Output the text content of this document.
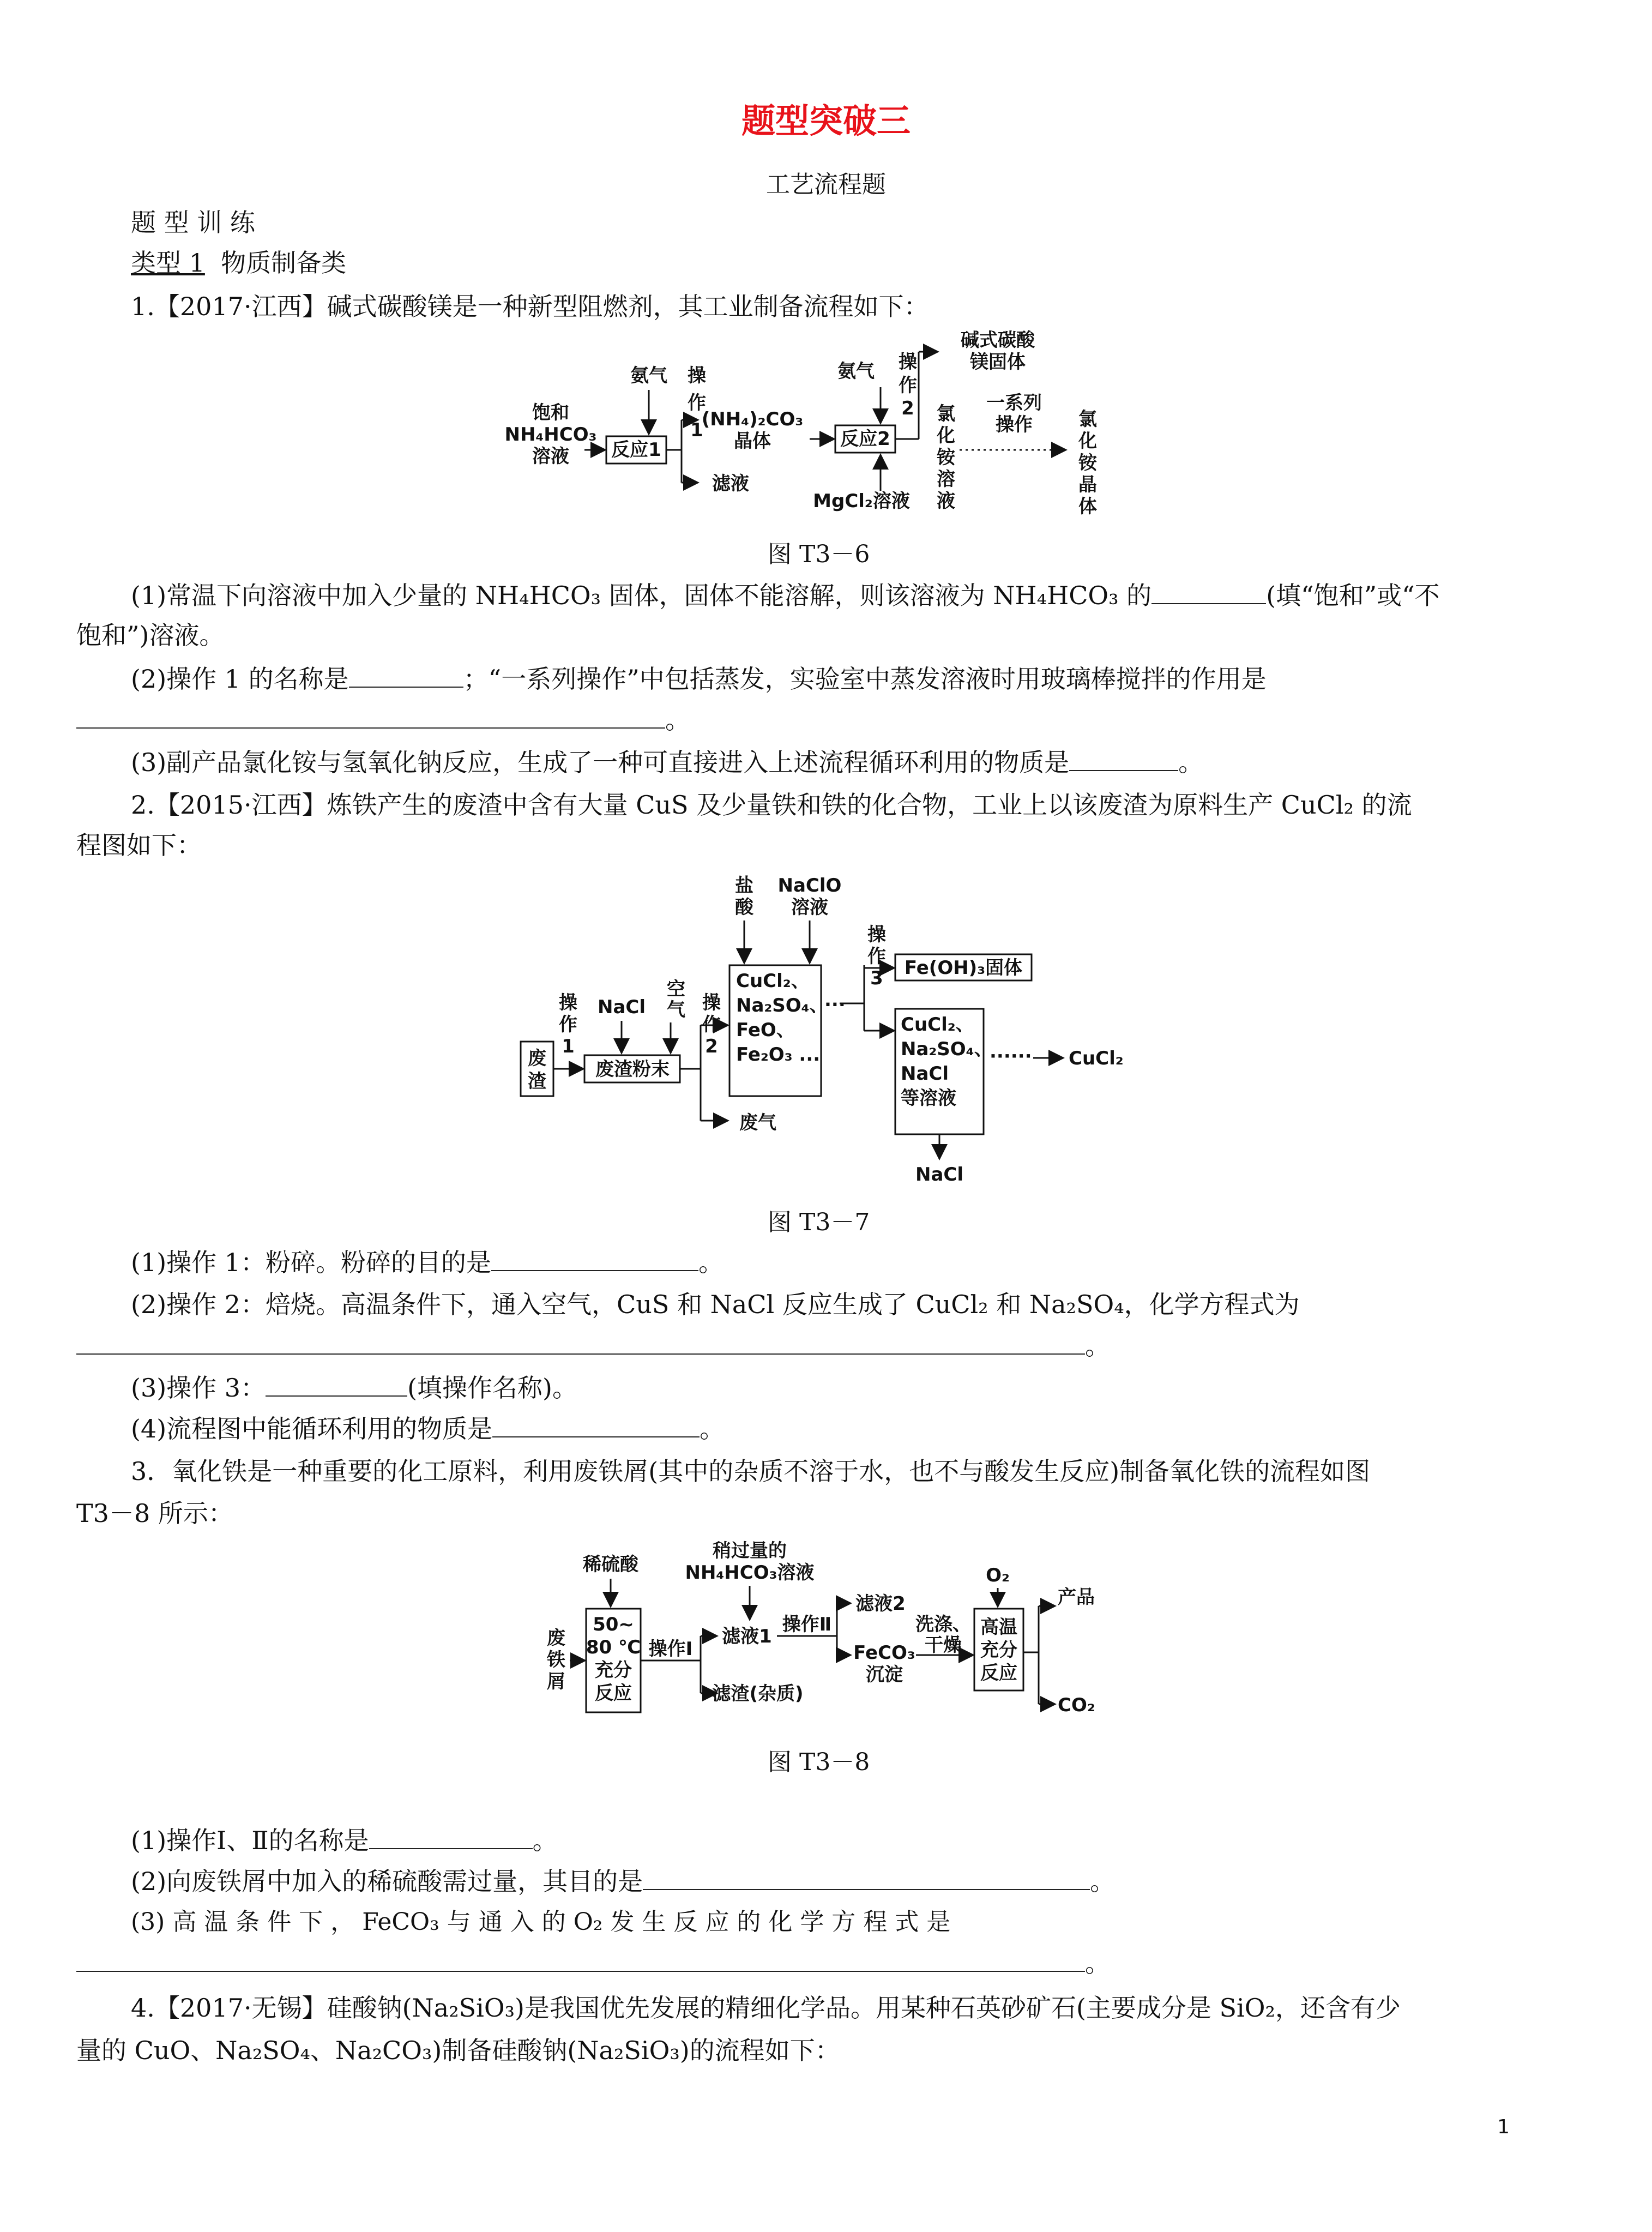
题型突破三
工艺流程题
题 型 训 练
类型 1 物质制备类
1.【2017·江西】碱式碳酸镁是一种新型阻燃剂，其工业制备流程如下：
饱和
NH₄HCO₃
溶液 反应1
氨气 操
作
1
(NH₄)₂CO₃
晶体
滤液
反应2
氨气
MgCl₂溶液
操
作
2
碱式碳酸
镁固体
氯
化
铵
溶
液
一系列
操作 氯
化
铵
晶
体
图 T3－6
(1)常温下向溶液中加入少量的 NH₄HCO₃ 固体，固体不能溶解，则该溶液为 NH₄HCO₃ 的	(填“饱和”或“不
饱和”)溶液。
(2)操作 1 的名称是	；“一系列操作”中包括蒸发，实验室中蒸发溶液时用玻璃棒搅拌的作用是
。
(3)副产品氯化铵与氢氧化钠反应，生成了一种可直接进入上述流程循环利用的物质是	。
2.【2015·江西】炼铁产生的废渣中含有大量 CuS 及少量铁和铁的化合物，工业上以该废渣为原料生产 CuCl₂ 的流
程图如下：
废
渣
操
作
1
废渣粉末
NaCl
空
气 操
作
2
废气
盐
酸
NaClO
溶液
CuCl₂、
Na₂SO₄、
FeO、
Fe₂O₃ ...
...
操
作
3 Fe(OH)₃固体
CuCl₂、
Na₂SO₄、
NaCl
等溶液
······ CuCl₂
NaCl
图 T3－7
(1)操作 1：粉碎。粉碎的目的是	。
(2)操作 2：焙烧。高温条件下，通入空气，CuS 和 NaCl 反应生成了 CuCl₂ 和 Na₂SO₄，化学方程式为
。
(3)操作 3：	(填操作名称)。
(4)流程图中能循环利用的物质是	。
3．氧化铁是一种重要的化工原料，利用废铁屑(其中的杂质不溶于水，也不与酸发生反应)制备氧化铁的流程如图
T3－8 所示：
废
铁
屑
稀硫酸
50~
80 ℃
充分
反应
操作Ⅰ
滤液1
滤渣(杂质)
稍过量的
NH₄HCO₃溶液
操作Ⅱ
滤液2
FeCO₃
沉淀
洗涤、
干燥
O₂
高温
充分
反应
产品
CO₂
图 T3－8
(1)操作Ⅰ、Ⅱ的名称是	。
(2)向废铁屑中加入的稀硫酸需过量，其目的是	。
(3) 高 温 条 件 下 ， FeCO₃ 与 通 入 的 O₂ 发 生 反 应 的 化 学 方 程 式 是
。
4.【2017·无锡】硅酸钠(Na₂SiO₃)是我国优先发展的精细化学品。用某种石英砂矿石(主要成分是 SiO₂，还含有少
量的 CuO、Na₂SO₄、Na₂CO₃)制备硅酸钠(Na₂SiO₃)的流程如下：
1
